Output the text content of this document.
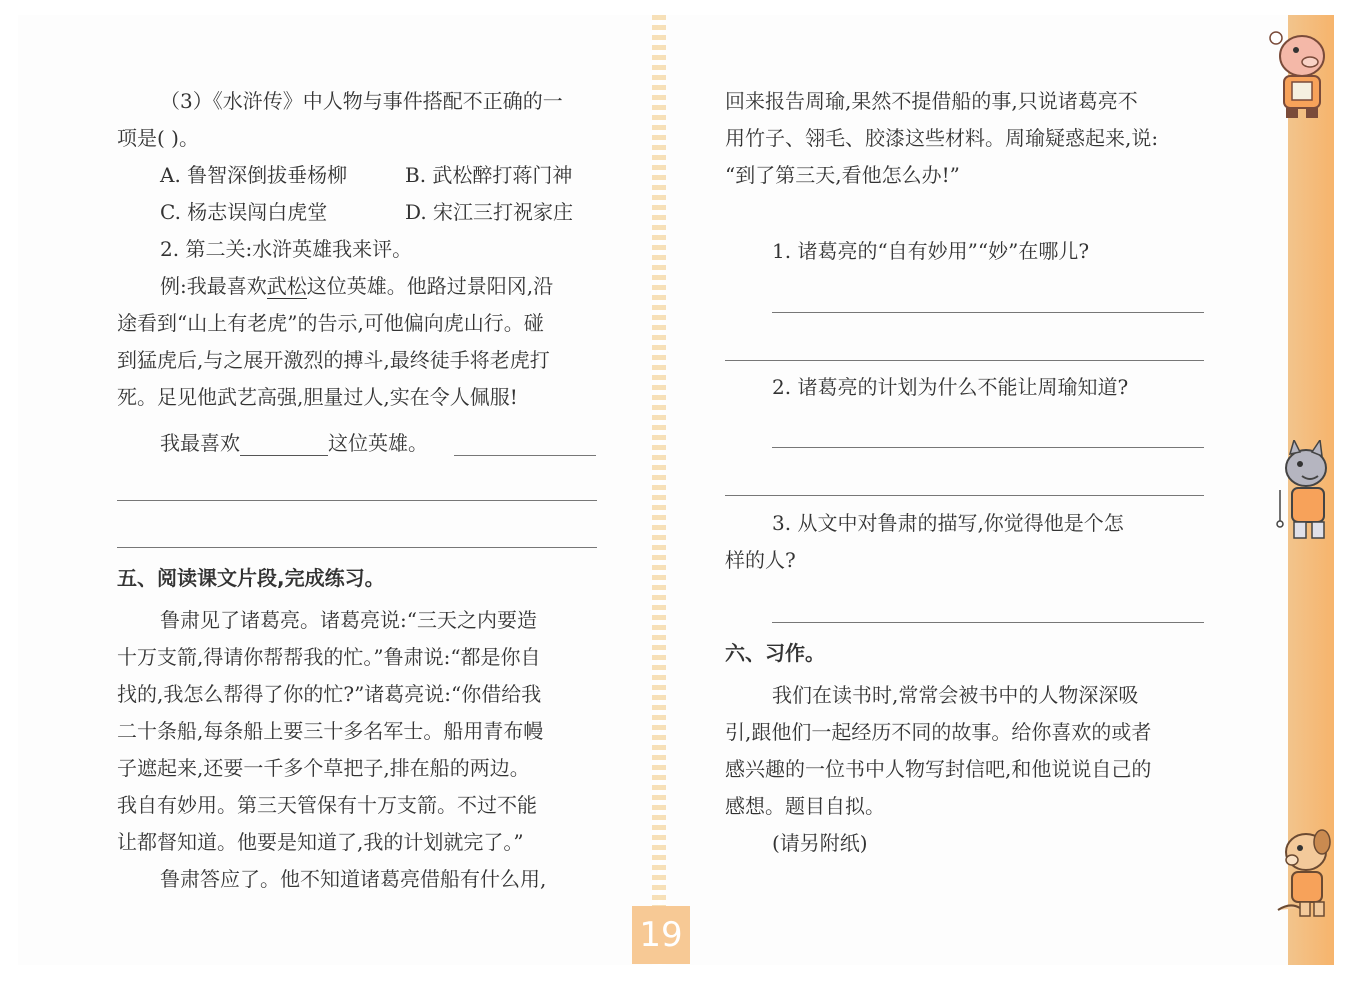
（3）《水浒传》中人物与事件搭配不正确的一
项是( )。
A. 鲁智深倒拔垂杨柳	B. 武松醉打蒋门神
C. 杨志误闯白虎堂	D. 宋江三打祝家庄
2. 第二关:水浒英雄我来评。
例:我最喜欢武松这位英雄。他路过景阳冈,沿
途看到“山上有老虎”的告示,可他偏向虎山行。碰
到猛虎后,与之展开激烈的搏斗,最终徒手将老虎打
死。足见他武艺高强,胆量过人,实在令人佩服!
我最喜欢	这位英雄。
五、阅读课文片段,完成练习。
鲁肃见了诸葛亮。诸葛亮说:“三天之内要造
十万支箭,得请你帮帮我的忙。”鲁肃说:“都是你自
找的,我怎么帮得了你的忙?”诸葛亮说:“你借给我
二十条船,每条船上要三十多名军士。船用青布幔
子遮起来,还要一千多个草把子,排在船的两边。
我自有妙用。第三天管保有十万支箭。不过不能
让都督知道。他要是知道了,我的计划就完了。”
鲁肃答应了。他不知道诸葛亮借船有什么用,
回来报告周瑜,果然不提借船的事,只说诸葛亮不
用竹子、翎毛、胶漆这些材料。周瑜疑惑起来,说:
“到了第三天,看他怎么办!”
1. 诸葛亮的“自有妙用”“妙”在哪儿?
2. 诸葛亮的计划为什么不能让周瑜知道?
3. 从文中对鲁肃的描写,你觉得他是个怎
样的人?
六、习作。
我们在读书时,常常会被书中的人物深深吸
引,跟他们一起经历不同的故事。给你喜欢的或者
感兴趣的一位书中人物写封信吧,和他说说自己的
感想。题目自拟。
(请另附纸)
19
